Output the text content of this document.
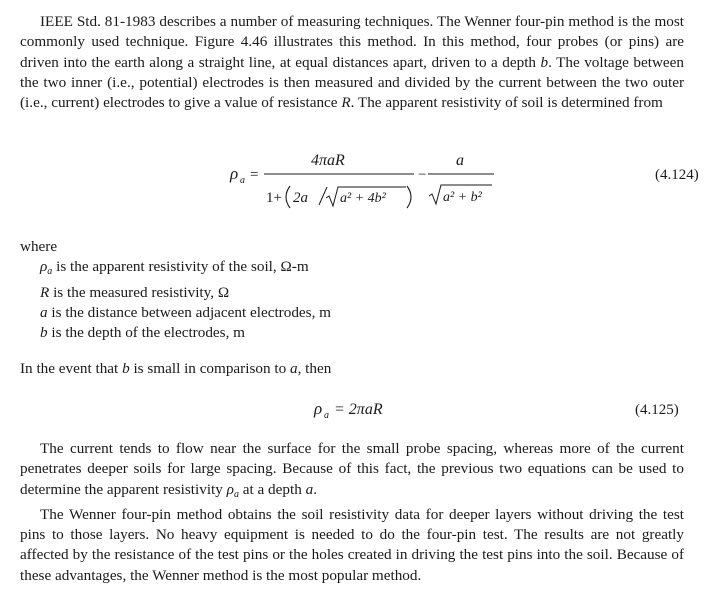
IEEE Std. 81-1983 describes a number of measuring techniques. The Wenner four-pin method is the most commonly used technique. Figure 4.46 illustrates this method. In this method, four probes (or pins) are driven into the earth along a straight line, at equal distances apart, driven to a depth b. The voltage between the two inner (i.e., potential) electrodes is then measured and divided by the current between the two outer (i.e., current) electrodes to give a value of resistance R. The apparent resistivity of soil is determined from

ρ a =
4πaR
1+ 2a a² + 4b²
−
a
a² + b²
(4.124)

where

$\rho_a$ is the apparent resistivity of the soil, Ω-m
R is the measured resistivity, Ω
a is the distance between adjacent electrodes, m
b is the depth of the electrodes, m

In the event that b is small in comparison to a, then

ρ a = 2πaR	(4.125)

The current tends to flow near the surface for the small probe spacing, whereas more of the current penetrates deeper soils for large spacing. Because of this fact, the previous two equations can be used to determine the apparent resistivity $\rho_a$ at a depth a.

The Wenner four-pin method obtains the soil resistivity data for deeper layers without driving the test pins to those layers. No heavy equipment is needed to do the four-pin test. The results are not greatly affected by the resistance of the test pins or the holes created in driving the test pins into the soil. Because of these advantages, the Wenner method is the most popular method.
